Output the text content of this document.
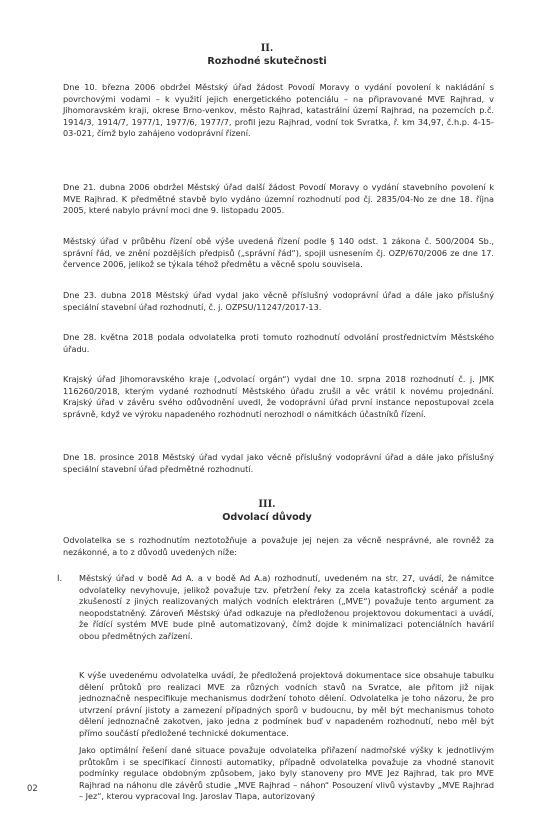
II.

Rozhodné skutečnosti

Dne 10. března 2006 obdržel Městský úřad žádost Povodí Moravy o vydání povolení k nakládání s povrchovými vodami – k využití jejich energetického potenciálu – na připravované MVE Rajhrad, v Jihomoravském kraji, okrese Brno-venkov, město Rajhrad, katastrální území Rajhrad, na pozemcích p.č. 1914/3, 1914/7, 1977/1, 1977/6, 1977/7, profil jezu Rajhrad, vodní tok Svratka, ř. km 34,97, č.h.p. 4-15-03-021, čímž bylo zahájeno vodoprávní řízení.

Dne 21. dubna 2006 obdržel Městský úřad další žádost Povodí Moravy o vydání stavebního povolení k MVE Rajhrad. K předmětné stavbě bylo vydáno územní rozhodnutí pod čj. 2835/04-No ze dne 18. října 2005, které nabylo právní moci dne 9. listopadu 2005.

Městský úřad v průběhu řízení obě výše uvedená řízení podle § 140 odst. 1 zákona č. 500/2004 Sb., správní řád, ve znění pozdějších předpisů („správní řád“), spojil usnesením čj. OZP/670/2006 ze dne 17. července 2006, jelikož se týkala téhož předmětu a věcně spolu souvisela.

Dne 23. dubna 2018 Městský úřad vydal jako věcně příslušný vodoprávní úřad a dále jako příslušný speciální stavební úřad rozhodnutí, č. j. OZPSU/11247/2017-13.

Dne 28. května 2018 podala odvolatelka proti tomuto rozhodnutí odvolání prostřednictvím Městského úřadu.

Krajský úřad Jihomoravského kraje („odvolací orgán“) vydal dne 10. srpna 2018 rozhodnutí č. j. JMK 116260/2018, kterým vydané rozhodnutí Městského úřadu zrušil a věc vrátil k novému projednání. Krajský úřad v závěru svého odůvodnění uvedl, že vodoprávní úřad první instance nepostupoval zcela správně, když ve výroku napadeného rozhodnutí nerozhodl o námitkách účastníků řízení.

Dne 18. prosince 2018 Městský úřad vydal jako věcně příslušný vodoprávní úřad a dále jako příslušný speciální stavební úřad předmětné rozhodnutí.

III.

Odvolací důvody

Odvolatelka se s rozhodnutím neztotožňuje a považuje jej nejen za věcně nesprávné, ale rovněž za nezákonné, a to z důvodů uvedených níže:

I. Městský úřad v bodě Ad A. a v bodě Ad A.a) rozhodnutí, uvedeném na str. 27, uvádí, že námitce odvolatelky nevyhovuje, jelikož považuje tzv. přetržení řeky za zcela katastrofický scénář a podle zkušeností z jiných realizovaných malých vodních elektráren („MVE“) považuje tento argument za neopodstatněný. Zároveň Městský úřad odkazuje na předloženou projektovou dokumentaci a uvádí, že řídící systém MVE bude plně automatizovaný, čímž dojde k minimalizaci potenciálních havárií obou předmětných zařízení.

K výše uvedenému odvolatelka uvádí, že předložená projektová dokumentace sice obsahuje tabulku dělení průtoků pro realizaci MVE za různých vodních stavů na Svratce, ale přitom již nijak jednoznačně nespecifikuje mechanismus dodržení tohoto dělení. Odvolatelka je toho názoru, že pro utvrzení právní jistoty a zamezení případných sporů v budoucnu, by měl být mechanismus tohoto dělení jednoznačně zakotven, jako jedna z podmínek buď v napadeném rozhodnutí, nebo měl být přímo součástí předložené technické dokumentace.

Jako optimální řešení dané situace považuje odvolatelka přiřazení nadmořské výšky k jednotlivým průtokům i se specifikací činnosti automatiky, případně odvolatelka považuje za vhodné stanovit podmínky regulace obdobným způsobem, jako byly stanoveny pro MVE Jez Rajhrad, tak pro MVE Rajhrad na náhonu dle závěrů studie „MVE Rajhrad – náhon“ Posouzení vlivů výstavby „MVE Rajhrad – Jez“, kterou vypracoval Ing. Jaroslav Tlapa, autorizovaný

02
